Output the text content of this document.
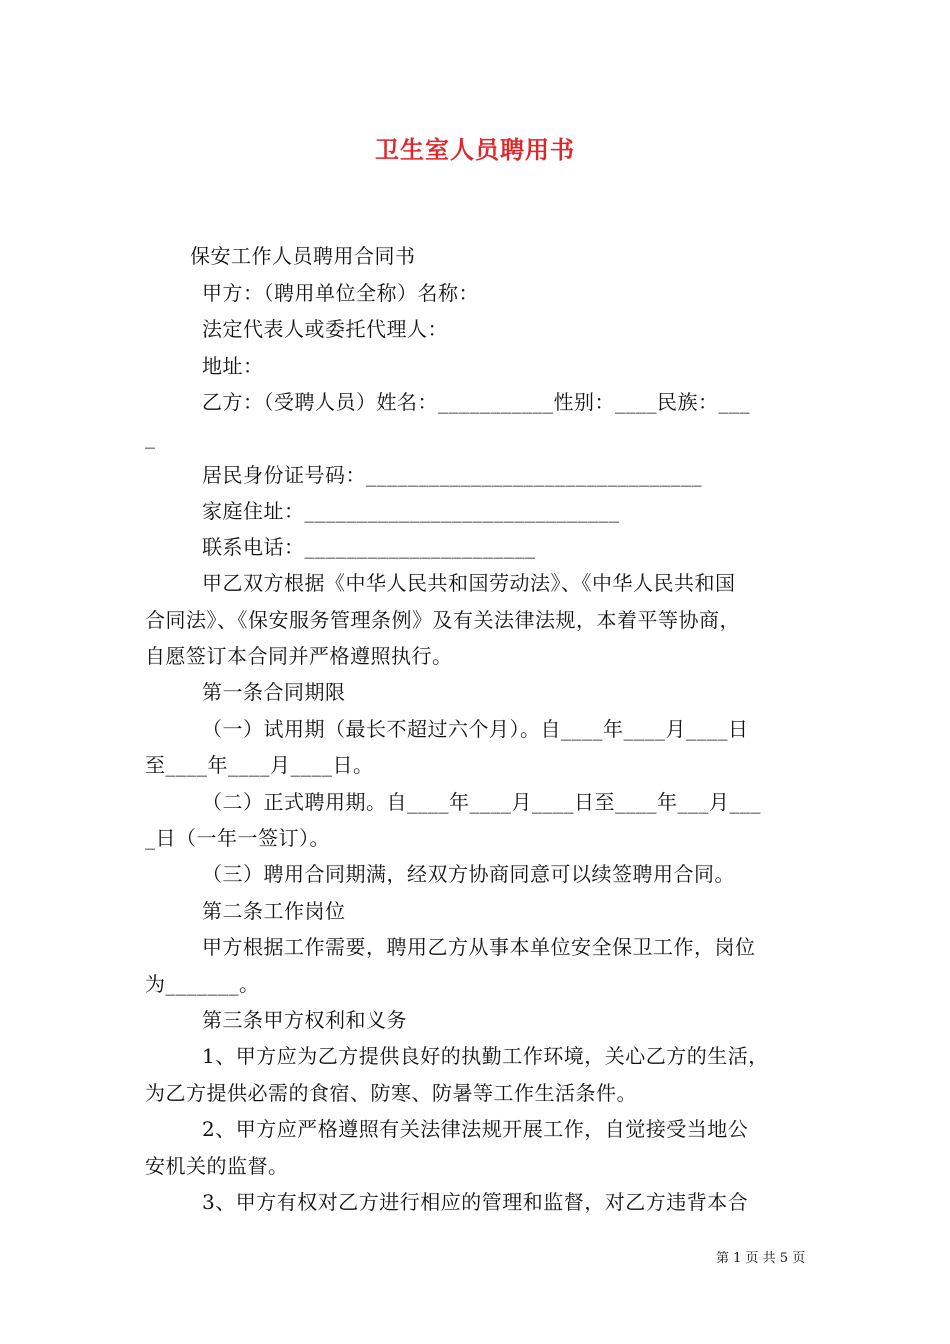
卫生室人员聘用书
保安工作人员聘用合同书
甲方：（聘用单位全称）名称：
法定代表人或委托代理人：
地址：
乙方：（受聘人员）姓名：___________性别：____民族：___
_
居民身份证号码：________________________________
家庭住址：______________________________
联系电话：______________________
甲乙双方根据《中华人民共和国劳动法》、《中华人民共和国
合同法》、《保安服务管理条例》及有关法律法规，本着平等协商，
自愿签订本合同并严格遵照执行。
第一条合同期限
（一）试用期（最长不超过六个月）。自____年____月____日
至____年____月____日。
（二）正式聘用期。自____年____月____日至____年___月___
_日（一年一签订）。
（三）聘用合同期满，经双方协商同意可以续签聘用合同。
第二条工作岗位
甲方根据工作需要，聘用乙方从事本单位安全保卫工作，岗位
为_______。
第三条甲方权利和义务
1、甲方应为乙方提供良好的执勤工作环境，关心乙方的生活，
为乙方提供必需的食宿、防寒、防暑等工作生活条件。
2、甲方应严格遵照有关法律法规开展工作，自觉接受当地公
安机关的监督。
3、甲方有权对乙方进行相应的管理和监督，对乙方违背本合
第 1 页 共 5 页
